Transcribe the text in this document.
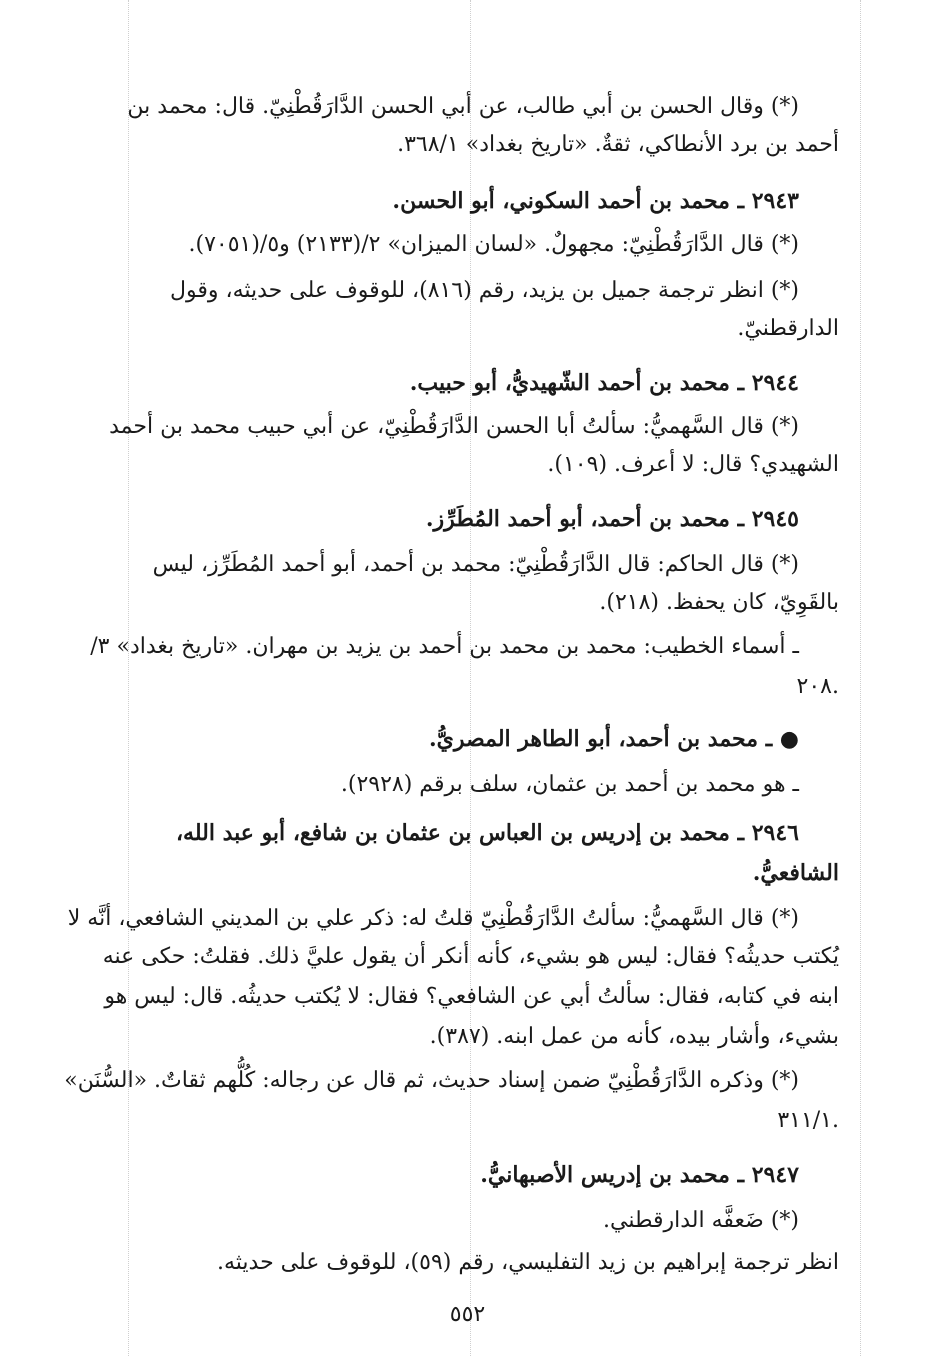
(*) وقال الحسن بن أبي طالب، عن أبي الحسن الدَّارَقُطْنِيّ. قال: محمد بن
أحمد بن برد الأنطاكي، ثقةٌ. «تاريخ بغداد» ٣٦٨/١.
٢٩٤٣ ـ محمد بن أحمد السكوني، أبو الحسن.
(*) قال الدَّارَقُطْنِيّ: مجهولٌ. «لسان الميزان» ٢/(٢١٣٣) و٥/(٧٠٥١).
(*) انظر ترجمة جميل بن يزيد، رقم (٨١٦)، للوقوف على حديثه، وقول
الدارقطنيّ.
٢٩٤٤ ـ محمد بن أحمد الشّهيديُّ، أبو حبيب.
(*) قال السَّهميُّ: سألتُ أبا الحسن الدَّارَقُطْنِيّ، عن أبي حبيب محمد بن أحمد
الشهيدي؟ قال: لا أعرف. (١٠٩).
٢٩٤٥ ـ محمد بن أحمد، أبو أحمد المُطَرِّز.
(*) قال الحاكم: قال الدَّارَقُطْنِيّ: محمد بن أحمد، أبو أحمد المُطَرِّز، ليس
بالقَوِيّ، كان يحفظ. (٢١٨).
ـ أسماء الخطيب: محمد بن محمد بن أحمد بن يزيد بن مهران. «تاريخ بغداد» ٣/
٢٠٨.
● ـ محمد بن أحمد، أبو الطاهر المصريُّ.
ـ هو محمد بن أحمد بن عثمان، سلف برقم (٢٩٢٨).
٢٩٤٦ ـ محمد بن إدريس بن العباس بن عثمان بن شافع، أبو عبد الله،
الشافعيُّ.
(*) قال السَّهميُّ: سألتُ الدَّارَقُطْنِيّ قلتُ له: ذكر علي بن المديني الشافعي، أنَّه لا
يُكتب حديثُه؟ فقال: ليس هو بشيء، كأنه أنكر أن يقول عليَّ ذلك. فقلتُ: حكى عنه
ابنه في كتابه، فقال: سألتُ أبي عن الشافعي؟ فقال: لا يُكتب حديثُه. قال: ليس هو
بشيء، وأشار بيده، كأنه من عمل ابنه. (٣٨٧).
(*) وذكره الدَّارَقُطْنِيّ ضمن إسناد حديث، ثم قال عن رجاله: كُلُّهم ثقاتٌ. «السُّنَن»
٣١١/١.
٢٩٤٧ ـ محمد بن إدريس الأصبهانيُّ.
(*) ضَعفَّه الدارقطني.
انظر ترجمة إبراهيم بن زيد التفليسي، رقم (٥٩)، للوقوف على حديثه.
٥٥٢
